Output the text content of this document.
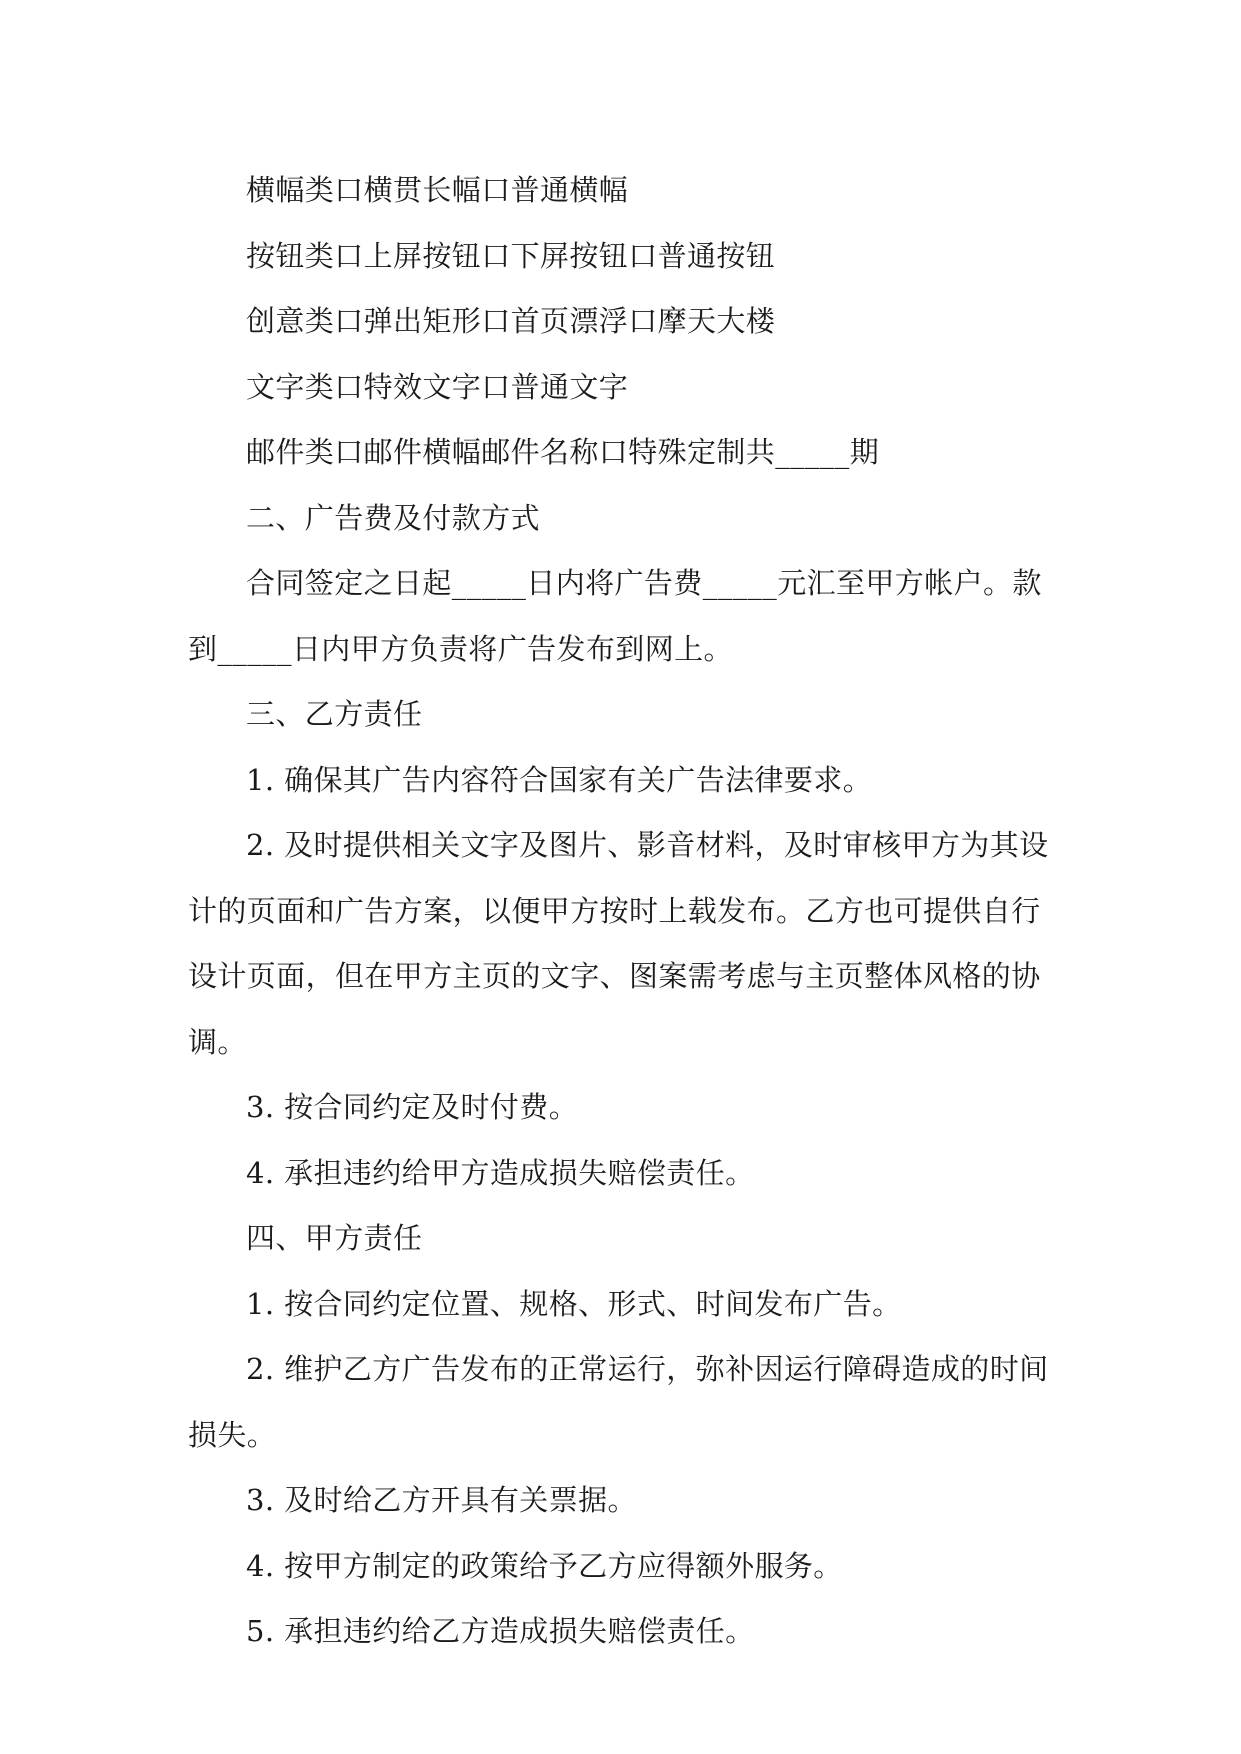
横幅类口横贯长幅口普通横幅

按钮类口上屏按钮口下屏按钮口普通按钮

创意类口弹出矩形口首页漂浮口摩天大楼

文字类口特效文字口普通文字

邮件类口邮件横幅邮件名称口特殊定制共_____期

二、广告费及付款方式

合同签定之日起_____日内将广告费_____元汇至甲方帐户。款到_____日内甲方负责将广告发布到网上。

三、乙方责任

1. 确保其广告内容符合国家有关广告法律要求。

2. 及时提供相关文字及图片、影音材料，及时审核甲方为其设计的页面和广告方案，以便甲方按时上载发布。乙方也可提供自行设计页面，但在甲方主页的文字、图案需考虑与主页整体风格的协调。

3. 按合同约定及时付费。

4. 承担违约给甲方造成损失赔偿责任。

四、甲方责任

1. 按合同约定位置、规格、形式、时间发布广告。

2. 维护乙方广告发布的正常运行，弥补因运行障碍造成的时间损失。

3. 及时给乙方开具有关票据。

4. 按甲方制定的政策给予乙方应得额外服务。

5. 承担违约给乙方造成损失赔偿责任。
